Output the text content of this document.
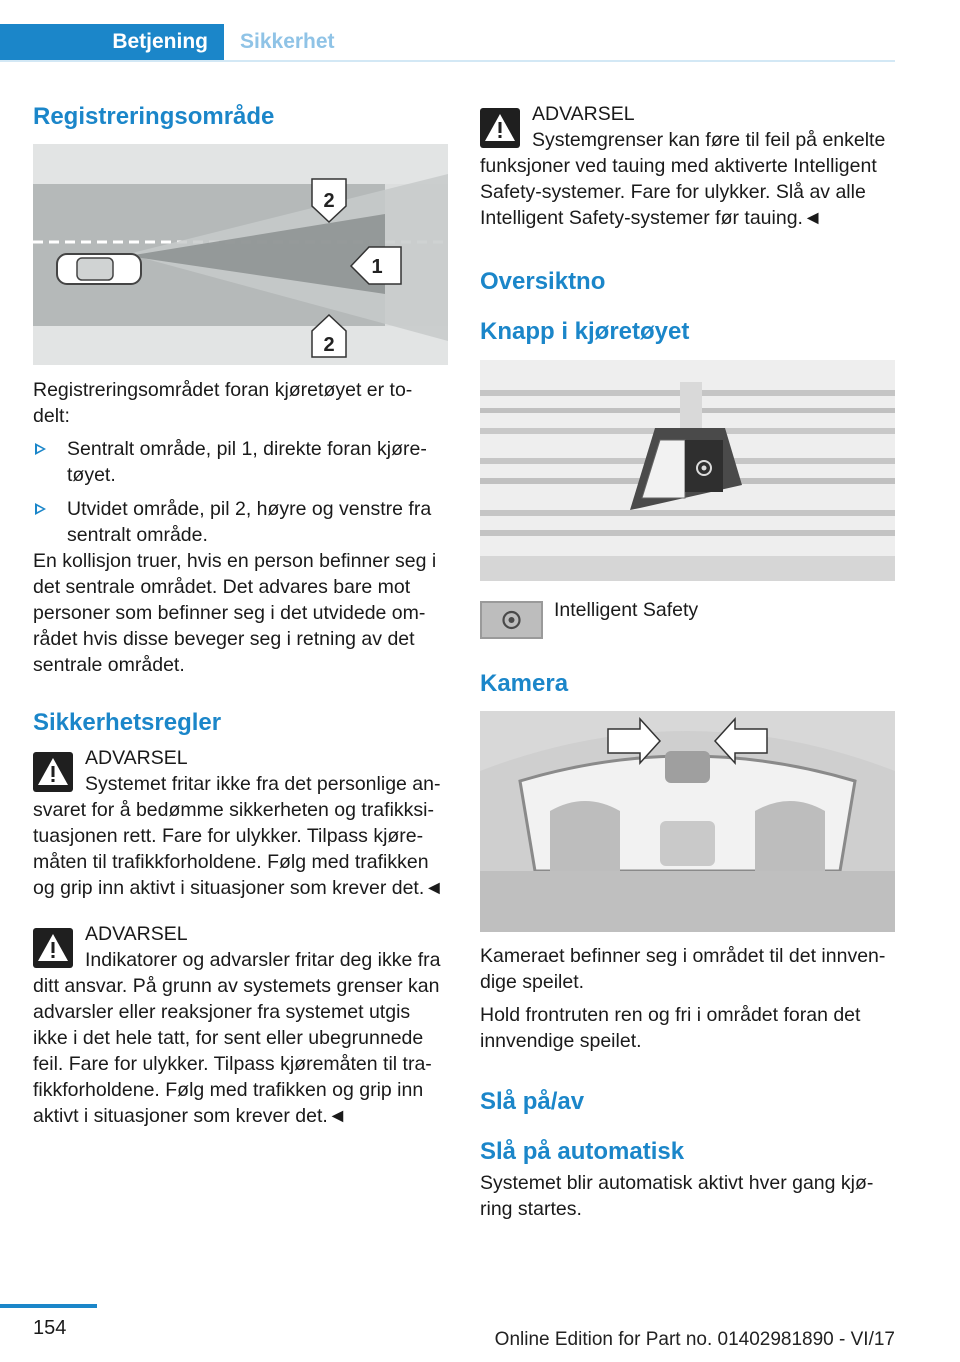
Betjening	Sikkerhet
Registreringsområde
2
1
2
Registreringsområdet foran kjøretøyet er to-delt:
Sentralt område, pil 1, direkte foran kjøre-tøyet.
Utvidet område, pil 2, høyre og venstre fra sentralt område.
En kollisjon truer, hvis en person befinner seg i det sentrale området. Det advares bare mot personer som befinner seg i det utvidede om-rådet hvis disse beveger seg i retning av det sentrale området.
Sikkerhetsregler
ADVARSEL
Systemet fritar ikke fra det personlige an-svaret for å bedømme sikkerheten og trafikksi-tuasjonen rett. Fare for ulykker. Tilpass kjøre-måten til trafikkforholdene. Følg med trafikken og grip inn aktivt i situasjoner som krever det.◄
ADVARSEL
Indikatorer og advarsler fritar deg ikke fra ditt ansvar. På grunn av systemets grenser kan advarsler eller reaksjoner fra systemet utgis ikke i det hele tatt, for sent eller ubegrunnede feil. Fare for ulykker. Tilpass kjøremåten til tra-fikkforholdene. Følg med trafikken og grip inn aktivt i situasjoner som krever det.◄
ADVARSEL
Systemgrenser kan føre til feil på enkelte funksjoner ved tauing med aktiverte Intelligent Safety-systemer. Fare for ulykker. Slå av alle Intelligent Safety-systemer før tauing.◄
Oversiktno
Knapp i kjøretøyet
Intelligent Safety
Kamera
Kameraet befinner seg i området til det innven-dige speilet.
Hold frontruten ren og fri i området foran det innvendige speilet.
Slå på/av
Slå på automatisk
Systemet blir automatisk aktivt hver gang kjø-ring startes.
154
Online Edition for Part no. 01402981890 - VI/17
